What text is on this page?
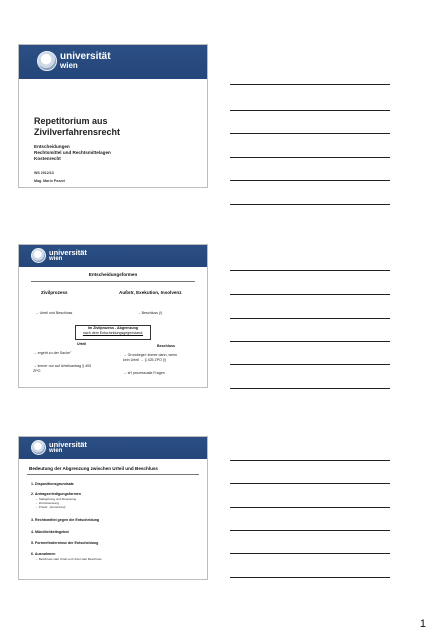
universität
wien
Repetitorium aus
Zivilverfahrensrecht
Entscheidungen
Rechtsmittel und Rechtsmittelagen
Kostenrecht
WS 2012/13
Mag. Mario Pozzei
universität
wien
Entscheidungsformen
Zivilprozess	Außstr, Exekution, Insolvenz
→ Urteil und Beschluss	→ Beschluss (!)
Im Zivilprozess - Abgrenzung
nach dem Entscheidungsgegenstand:
Urteil	Beschluss
→ ergeht zu der Sache"
→ immer nur auf Urteilsantrag § 405
ZPO
→ Grundregel: immer dann, wenn
kein Urteil → § 425 ZPO (!)
→ sH prozessuale Fragen
universität
wien
Bedeutung der Abgrenzung zwischen Urteil und Beschluss
1. Dispositionsgrundsatz
2. Antragserledigungsformen
→ Stattgebung und Abweisung
→ Zurückweisung
→ Praxis: „Verwerfung"
3. Rechtsmittel gegen die Entscheidung
4. Mündlichkeitsgebot
5. Formerfordernisse der Entscheidung
6. Ausnahmen
→ Beschluss statt Urteil und Urteil statt Beschluss
1
